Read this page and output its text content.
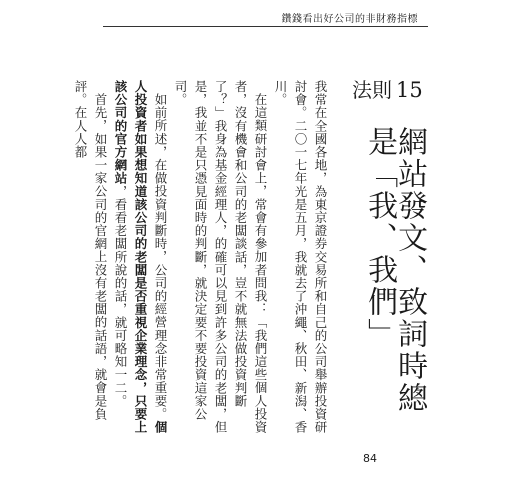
鑽錢看出好公司的非財務指標
法則 15
網站發文、致詞時總是「我、我們」

我常在全國各地，為東京證券交易所和自己的公司舉辦投資研討會。二〇一七年光是五月，我就去了沖繩、秋田、新潟、香川。

在這類研討會上，常會有參加者問我：「我們這些個人投資者，沒有機會和公司的老闆談話，豈不就無法做投資判斷了？」我身為基金經理人，的確可以見到許多公司的老闆，但是，我並不是只憑見面時的判斷，就決定要不要投資這家公司。

如前所述，在做投資判斷時，公司的經營理念非常重要。個人投資者如果想知道該公司的老闆是否重視企業理念，只要上該公司的官方網站，看看老闆所說的話，就可略知一二。

首先，如果一家公司的官網上沒有老闆的話語，就會是負評。在人人都

84
